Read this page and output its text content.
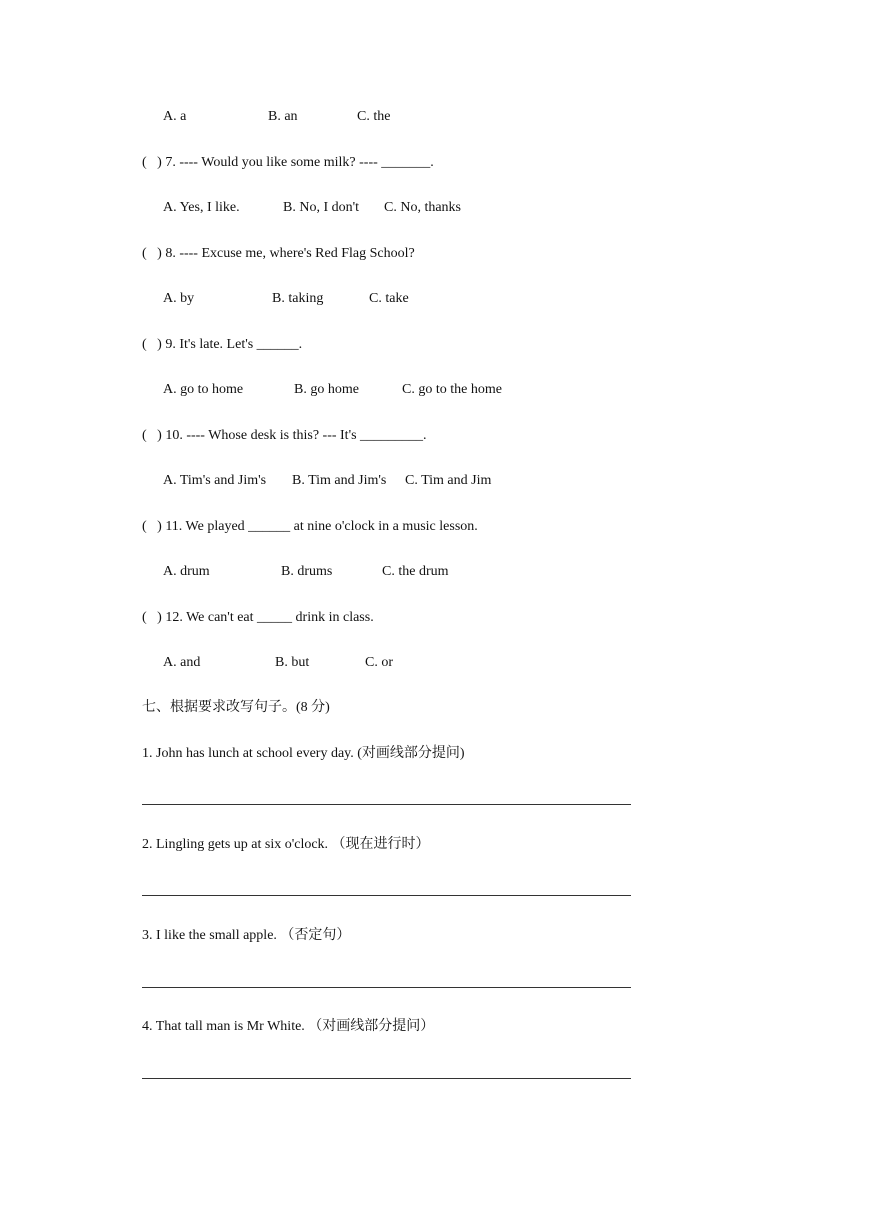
A. a	B. an	C. the
(   ) 7. ---- Would you like some milk? ---- _______.
A. Yes, I like.	B. No, I don't C. No, thanks
(   ) 8. ---- Excuse me, where's Red Flag School?
A. by	B. taking	C. take
(   ) 9. It's late. Let's ______.
A. go to home	B. go home	C. go to the home
(   ) 10. ---- Whose desk is this? --- It's _________.
A. Tim's and Jim's B. Tim and Jim's C. Tim and Jim
(   ) 11. We played ______ at nine o'clock in a music lesson.
A. drum	B. drums	C. the drum
(   ) 12. We can't eat _____ drink in class.
A. and	B. but	C. or
七、根据要求改写句子。(8 分)
1. John has lunch at school every day. (对画线部分提问)
2. Lingling gets up at six o'clock. （现在进行时）
3. I like the small apple. （否定句）
4. That tall man is Mr White. （对画线部分提问）
